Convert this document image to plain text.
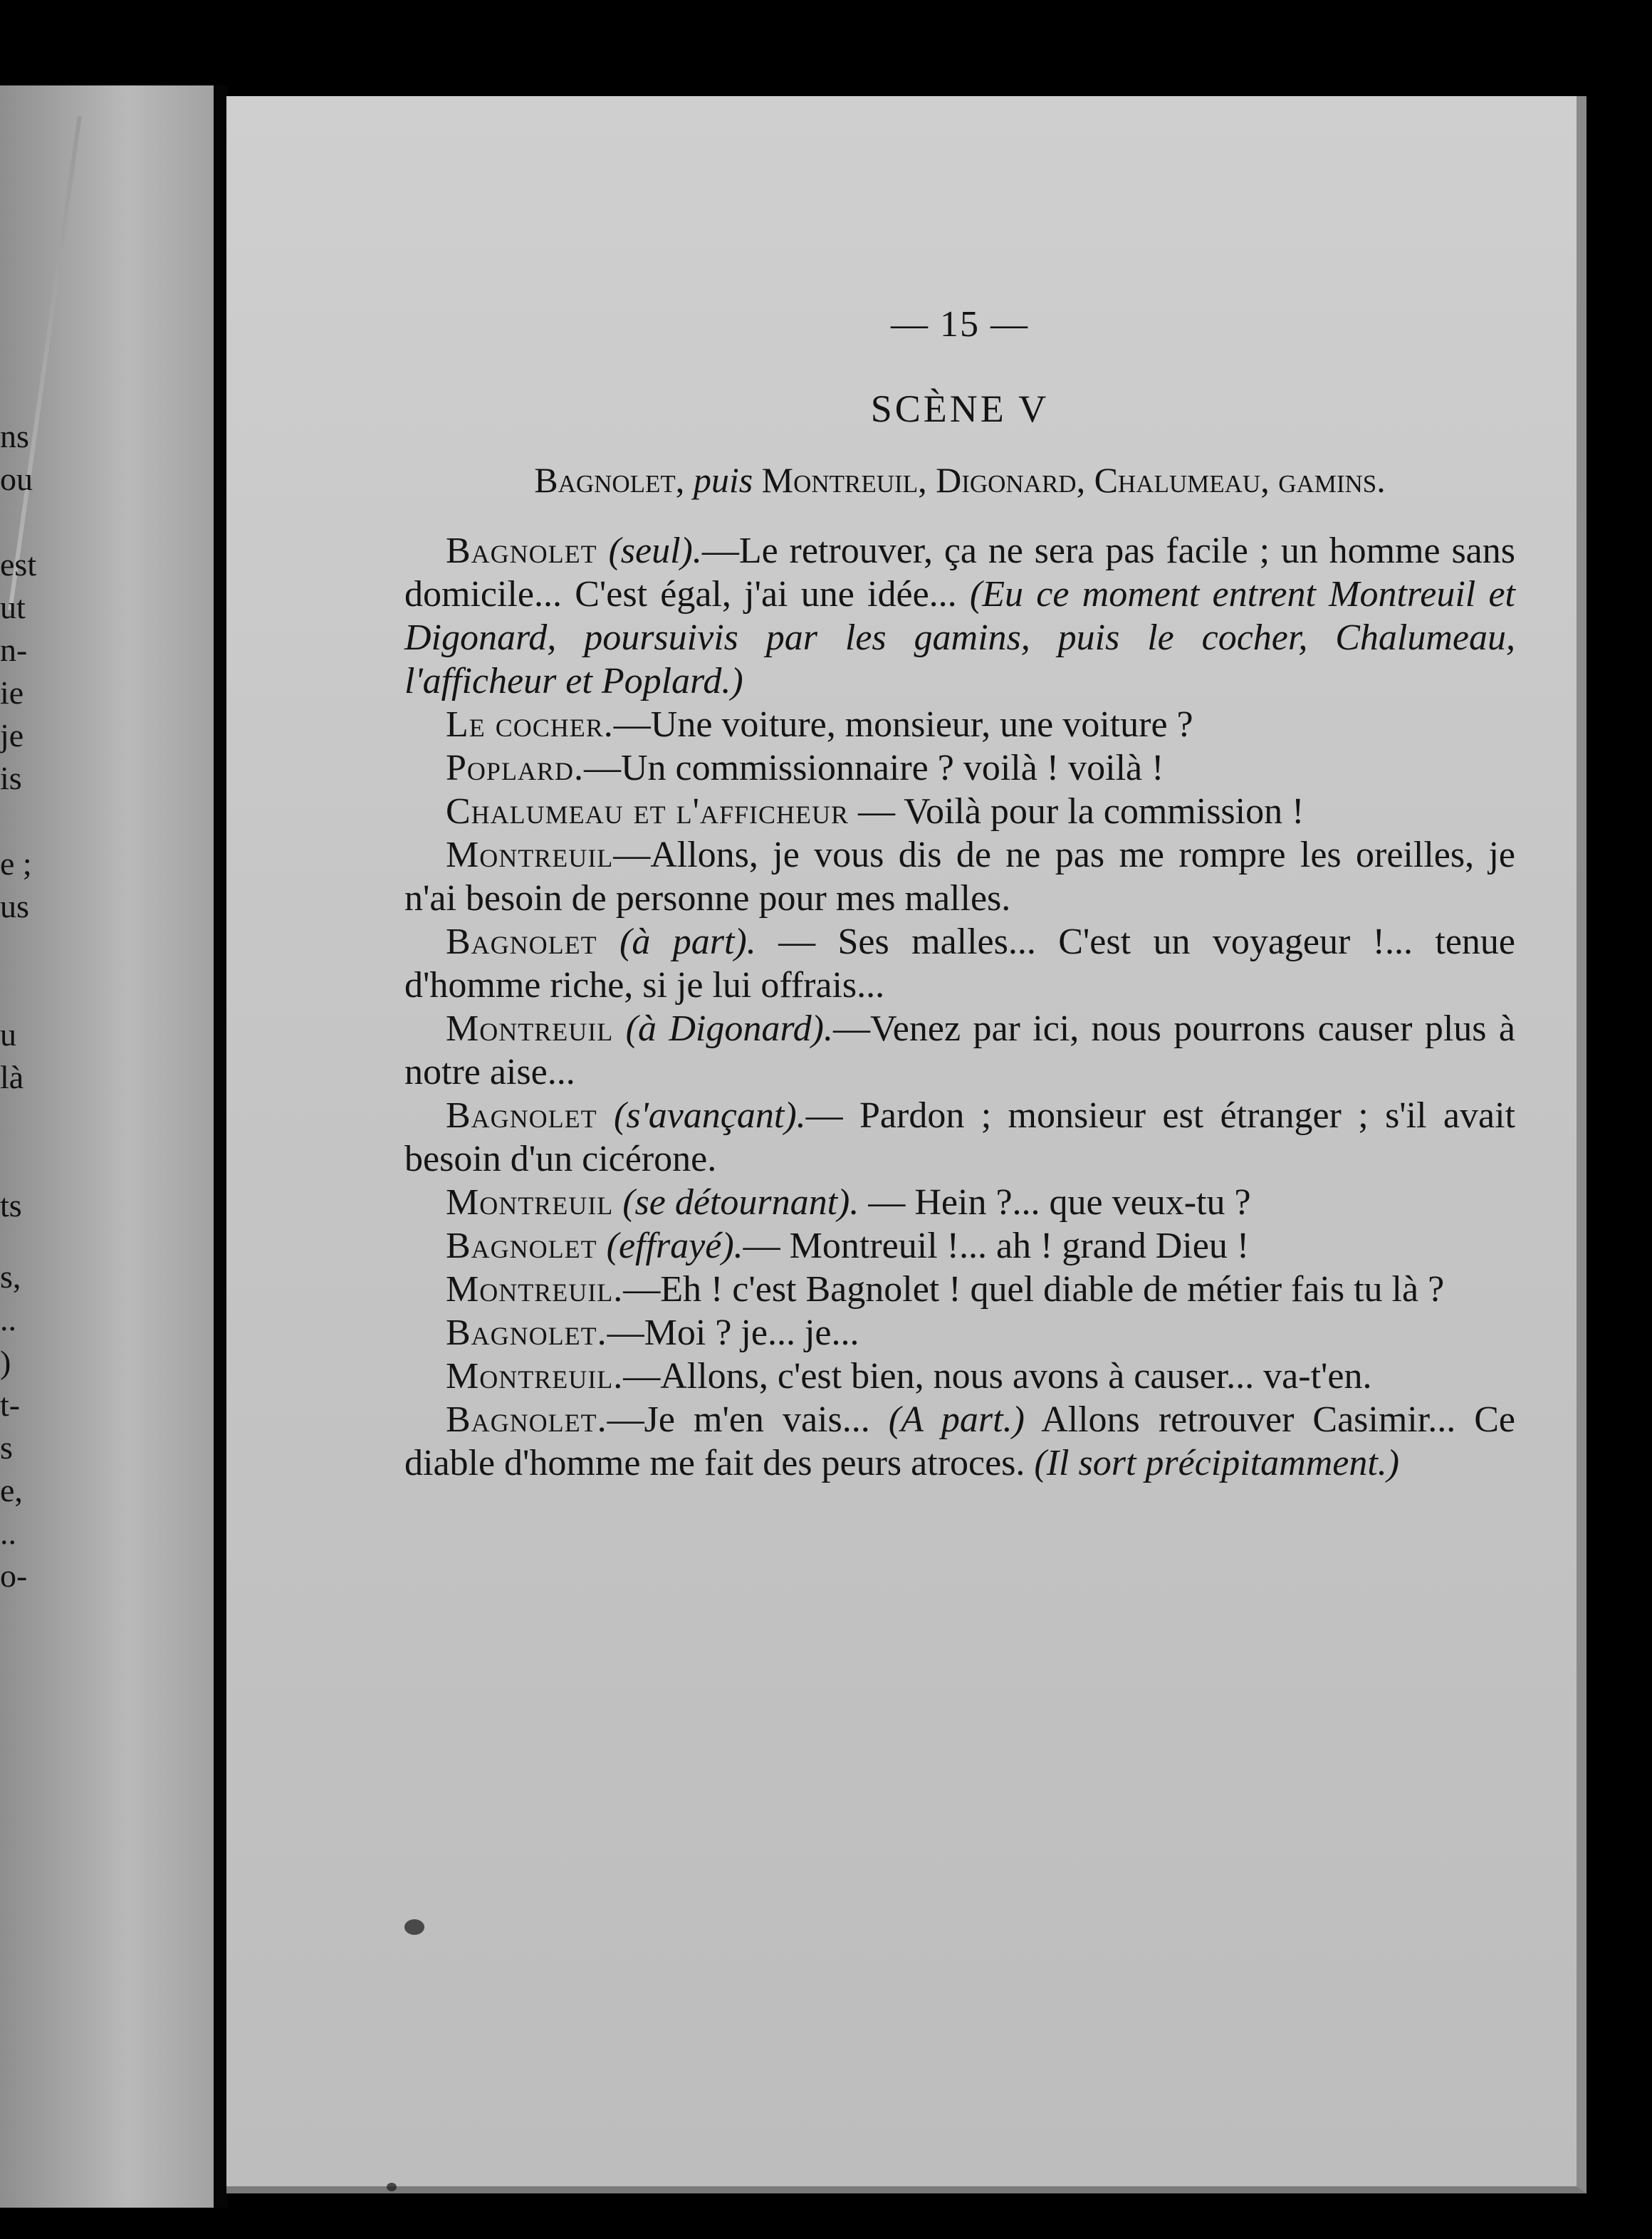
ns
ou
est
ut
n-
ie
je
is
e ;
us
u
là
ts
s,
..
)
t-
s
e,
..
o-
— 15 —
SCÈNE V
Bagnolet, puis Montreuil, Digonard, Chalumeau, gamins.

Bagnolet (seul).—Le retrouver, ça ne sera pas facile ; un homme sans domicile... C'est égal, j'ai une idée... (Eu ce moment entrent Montreuil et Digonard, poursuivis par les gamins, puis le cocher, Chalumeau, l'afficheur et Poplard.)

Le cocher.—Une voiture, monsieur, une voiture ?

Poplard.—Un commissionnaire ? voilà ! voilà !

Chalumeau et l'afficheur — Voilà pour la commission !

Montreuil—Allons, je vous dis de ne pas me rompre les oreilles, je n'ai besoin de personne pour mes malles.

Bagnolet (à part). — Ses malles... C'est un voyageur !... tenue d'homme riche, si je lui offrais...

Montreuil (à Digonard).—Venez par ici, nous pourrons causer plus à notre aise...

Bagnolet (s'avançant).— Pardon ; monsieur est étranger ; s'il avait besoin d'un cicérone.

Montreuil (se détournant). — Hein ?... que veux-tu ?

Bagnolet (effrayé).— Montreuil !... ah ! grand Dieu !

Montreuil.—Eh ! c'est Bagnolet ! quel diable de métier fais tu là ?

Bagnolet.—Moi ? je... je...

Montreuil.—Allons, c'est bien, nous avons à causer... va-t'en.

Bagnolet.—Je m'en vais... (A part.) Allons retrouver Casimir... Ce diable d'homme me fait des peurs atroces. (Il sort précipitamment.)
